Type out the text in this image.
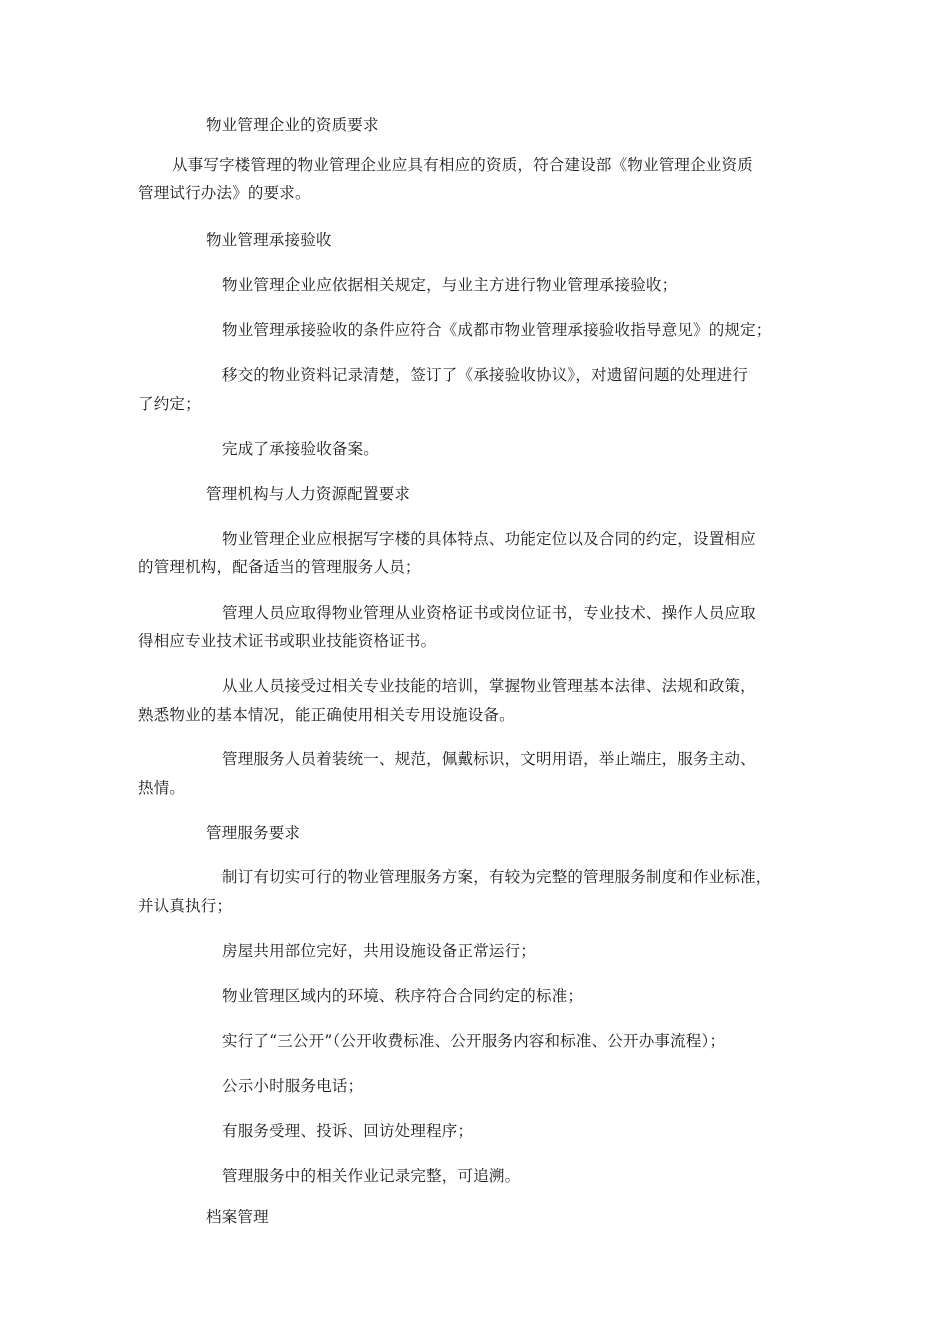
物业管理企业的资质要求
从事写字楼管理的物业管理企业应具有相应的资质，符合建设部《物业管理企业资质
管理试行办法》的要求。
物业管理承接验收
物业管理企业应依据相关规定，与业主方进行物业管理承接验收；
物业管理承接验收的条件应符合《成都市物业管理承接验收指导意见》的规定；
移交的物业资料记录清楚，签订了《承接验收协议》，对遗留问题的处理进行
了约定；
完成了承接验收备案。
管理机构与人力资源配置要求
物业管理企业应根据写字楼的具体特点、功能定位以及合同的约定，设置相应
的管理机构，配备适当的管理服务人员；
管理人员应取得物业管理从业资格证书或岗位证书，专业技术、操作人员应取
得相应专业技术证书或职业技能资格证书。
从业人员接受过相关专业技能的培训，掌握物业管理基本法律、法规和政策，
熟悉物业的基本情况，能正确使用相关专用设施设备。
管理服务人员着装统一、规范，佩戴标识，文明用语，举止端庄，服务主动、
热情。
管理服务要求
制订有切实可行的物业管理服务方案，有较为完整的管理服务制度和作业标准，
并认真执行；
房屋共用部位完好，共用设施设备正常运行；
物业管理区域内的环境、秩序符合合同约定的标准；
实行了“三公开”（公开收费标准、公开服务内容和标准、公开办事流程）；
公示小时服务电话；
有服务受理、投诉、回访处理程序；
管理服务中的相关作业记录完整，可追溯。
档案管理
